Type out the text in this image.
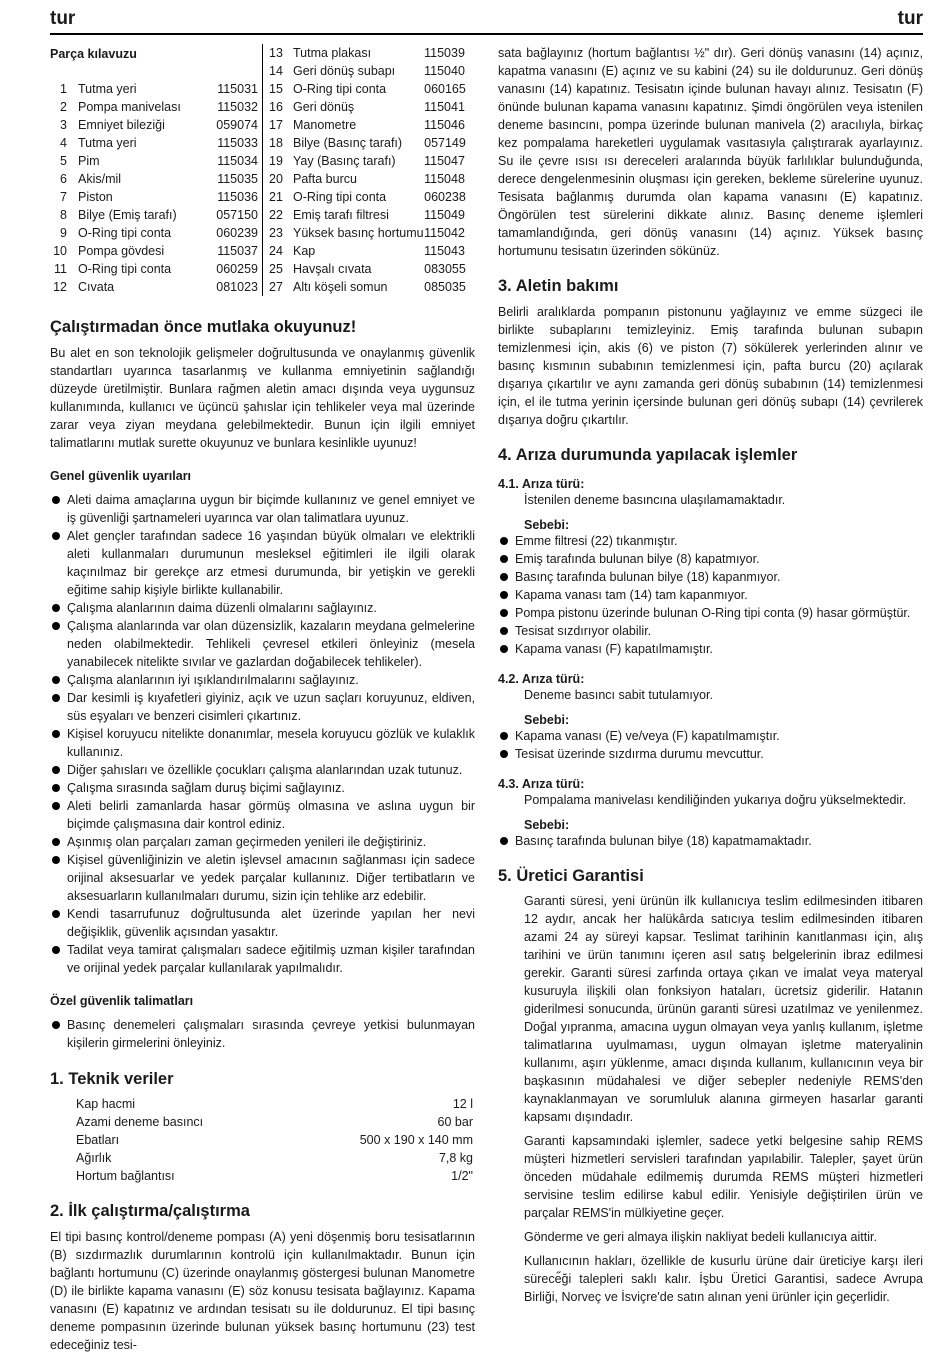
tur	tur
Parça kılavuzu
1	Tutma yeri	115031
2	Pompa manivelası	115032
3	Emniyet bileziği	059074
4	Tutma yeri	115033
5	Pim	115034
6	Akis/mil	115035
7	Piston	115036
8	Bilye (Emiş tarafı)	057150
9	O-Ring tipi conta	060239
10	Pompa gövdesi	115037
11	O-Ring tipi conta	060259
12	Cıvata	081023
13	Tutma plakası	115039
14	Geri dönüş subapı	115040
15	O-Ring tipi conta	060165
16	Geri dönüş	115041
17	Manometre	115046
18	Bilye (Basınç tarafı)	057149
19	Yay (Basınç tarafı)	115047
20	Pafta burcu	115048
21	O-Ring tipi conta	060238
22	Emiş tarafı filtresi	115049
23	Yüksek basınç hortumu	115042
24	Kap	115043
25	Havşalı cıvata	083055
27	Altı köşeli somun	085035
Çalıştırmadan önce mutlaka okuyunuz!

Bu alet en son teknolojik gelişmeler doğrultusunda ve onaylanmış güvenlik standartları uyarınca tasarlanmış ve kullanma emniyetinin sağlandığı düzeyde üretilmiştir. Bunlara rağmen aletin amacı dışında veya uygunsuz kullanımında, kullanıcı ve üçüncü şahıslar için tehlikeler veya mal üzerinde zarar veya ziyan meydana gelebilmektedir. Bunun için ilgili emniyet talimatlarını mutlak surette okuyunuz ve bunlara kesinlikle uyunuz!

Genel güvenlik uyarıları
Aleti daima amaçlarına uygun bir biçimde kullanınız ve genel emniyet ve iş güvenliği şartnameleri uyarınca var olan talimatlara uyunuz.
Alet gençler tarafından sadece 16 yaşından büyük olmaları ve elektrikli aleti kullanmaları durumunun mesleksel eğitimleri ile ilgili olarak kaçınılmaz bir gerekçe arz etmesi durumunda, bir yetişkin ve gerekli eğitime sahip kişiyle birlikte kullanabilir.
Çalışma alanlarının daima düzenli olmalarını sağlayınız.
Çalışma alanlarında var olan düzensizlik, kazaların meydana gelmelerine neden olabilmektedir. Tehlikeli çevresel etkileri önleyiniz (mesela yanabilecek nitelikte sıvılar ve gazlardan doğabilecek tehlikeler).
Çalışma alanlarının iyi ışıklandırılmalarını sağlayınız.
Dar kesimli iş kıyafetleri giyiniz, açık ve uzun saçları koruyunuz, eldiven, süs eşyaları ve benzeri cisimleri çıkartınız.
Kişisel koruyucu nitelikte donanımlar, mesela koruyucu gözlük ve kulaklık kullanınız.
Diğer şahısları ve özellikle çocukları çalışma alanlarından uzak tutunuz.
Çalışma sırasında sağlam duruş biçimi sağlayınız.
Aleti belirli zamanlarda hasar görmüş olmasına ve aslına uygun bir biçimde çalışmasına dair kontrol ediniz.
Aşınmış olan parçaları zaman geçirmeden yenileri ile değiştiriniz.
Kişisel güvenliğinizin ve aletin işlevsel amacının sağlanması için sadece orijinal aksesuarlar ve yedek parçalar kullanınız. Diğer tertibatların ve aksesuarların kullanılmaları durumu, sizin için tehlike arz edebilir.
Kendi tasarrufunuz doğrultusunda alet üzerinde yapılan her nevi değişiklik, güvenlik açısından yasaktır.
Tadilat veya tamirat çalışmaları sadece eğitilmiş uzman kişiler tarafından ve orijinal yedek parçalar kullanılarak yapılmalıdır.
Özel güvenlik talimatları
Basınç denemeleri çalışmaları sırasında çevreye yetkisi bulunmayan kişilerin girmelerini önleyiniz.
1. Teknik veriler
Kap hacmi	12 l
Azami deneme basıncı	60 bar
Ebatları	500 x 190 x 140 mm
Ağırlık	7,8 kg
Hortum bağlantısı	1/2"
2. İlk çalıştırma/çalıştırma

El tipi basınç kontrol/deneme pompası (A) yeni döşenmiş boru tesisatlarının (B) sızdırmazlık durumlarının kontrolü için kullanılmaktadır. Bunun için bağlantı hortumunu (C) üzerinde onaylanmış göstergesi bulunan Manometre (D) ile birlikte kapama vanasını (E) söz konusu tesisata bağlayınız. Kapama vanasını (E) kapatınız ve ardından tesisatı su ile doldurunuz. El tipi basınç deneme pompasının üzerinde bulunan yüksek basınç hortumunu (23) test edeceğiniz tesi-

sata bağlayınız (hortum bağlantısı ½" dır). Geri dönüş vanasını (14) açınız, kapatma vanasını (E) açınız ve su kabini (24) su ile doldurunuz. Geri dönüş vanasını (14) kapatınız. Tesisatın içinde bulunan havayı alınız. Tesisatın (F) önünde bulunan kapama vanasını kapatınız. Şimdi öngörülen veya istenilen deneme basıncını, pompa üzerinde bulunan manivela (2) aracılıyla, birkaç kez pompalama hareketleri uygulamak vasıtasıyla çalıştırarak ayarlayınız. Su ile çevre ısısı ısı dereceleri aralarında büyük farlılıklar bulunduğunda, derece dengelenmesinin oluşması için gereken, bekleme sürelerine uyunuz. Tesisata bağlanmış durumda olan kapama vanasını (E) kapatınız. Öngörülen test sürelerini dikkate alınız. Basınç deneme işlemleri tamamlandığında, geri dönüş vanasını (14) açınız. Yüksek basınç hortumunu tesisatın üzerinden sökünüz.

3. Aletin bakımı

Belirli aralıklarda pompanın pistonunu yağlayınız ve emme süzgeci ile birlikte subaplarını temizleyiniz. Emiş tarafında bulunan subapın temizlenmesi için, akis (6) ve piston (7) sökülerek yerlerinden alınır ve basınç kısmının subabının temizlenmesi için, pafta burcu (20) açılarak dışarıya çıkartılır ve aynı zamanda geri dönüş subabının (14) temizlenmesi için, el ile tutma yerinin içersinde bulunan geri dönüş subapı (14) çevrilerek dışarıya doğru çıkartılır.

4. Arıza durumunda yapılacak işlemler
4.1. Arıza türü:

İstenilen deneme basıncına ulaşılamamaktadır.

Sebebi:
Emme filtresi (22) tıkanmıştır.
Emiş tarafında bulunan bilye (8) kapatmıyor.
Basınç tarafında bulunan bilye (18) kapanmıyor.
Kapama vanası tam (14) tam kapanmıyor.
Pompa pistonu üzerinde bulunan O-Ring tipi conta (9) hasar görmüştür.
Tesisat sızdırıyor olabilir.
Kapama vanası (F) kapatılmamıştır.
4.2. Arıza türü:

Deneme basıncı sabit tutulamıyor.

Sebebi:
Kapama vanası (E) ve/veya (F) kapatılmamıştır.
Tesisat üzerinde sızdırma durumu mevcuttur.
4.3. Arıza türü:

Pompalama manivelası kendiliğinden yukarıya doğru yükselmektedir.

Sebebi:
Basınç tarafında bulunan bilye (18) kapatmamaktadır.
5. Üretici Garantisi

Garanti süresi, yeni ürünün ilk kullanıcıya teslim edilmesinden itibaren 12 aydır, ancak her halükârda satıcıya teslim edilmesinden itibaren azami 24 ay süreyi kapsar. Teslimat tarihinin kanıtlanması için, alış tarihini ve ürün tanımını içeren asıl satış belgelerinin ibraz edilmesi gerekir. Garanti süresi zarfında ortaya çıkan ve imalat veya materyal kusuruyla ilişkili olan fonksiyon hataları, ücretsiz giderilir. Hatanın giderilmesi sonucunda, ürünün garanti süresi uzatılmaz ve yenilenmez. Doğal yıpranma, amacına uygun olmayan veya yanlış kullanım, işletme talimatlarına uyulmaması, uygun olmayan işletme materyalinin kullanımı, aşırı yüklenme, amacı dışında kullanım, kullanıcının veya bir başkasının müdahalesi ve diğer sebepler nedeniyle REMS'den kaynaklanmayan ve sorumluluk alanına girmeyen hasarlar garanti kapsamı dışındadır.

Garanti kapsamındaki işlemler, sadece yetki belgesine sahip REMS müşteri hizmetleri servisleri tarafından yapılabilir. Talepler, şayet ürün önceden müdahale edilmemiş durumda REMS müşteri hizmetleri servisine teslim edilirse kabul edilir. Yenisiyle değiştirilen ürün ve parçalar REMS'in mülkiyetine geçer.

Gönderme ve geri almaya ilişkin nakliyat bedeli kullanıcıya aittir.

Kullanıcının hakları, özellikle de kusurlu ürüne dair üreticiye karşı ileri sürece̋ği talepleri saklı kalır. İşbu Üretici Garantisi, sadece Avrupa Birliği, Norveç ve İsviçre'de satın alınan yeni ürünler için geçerlidir.
